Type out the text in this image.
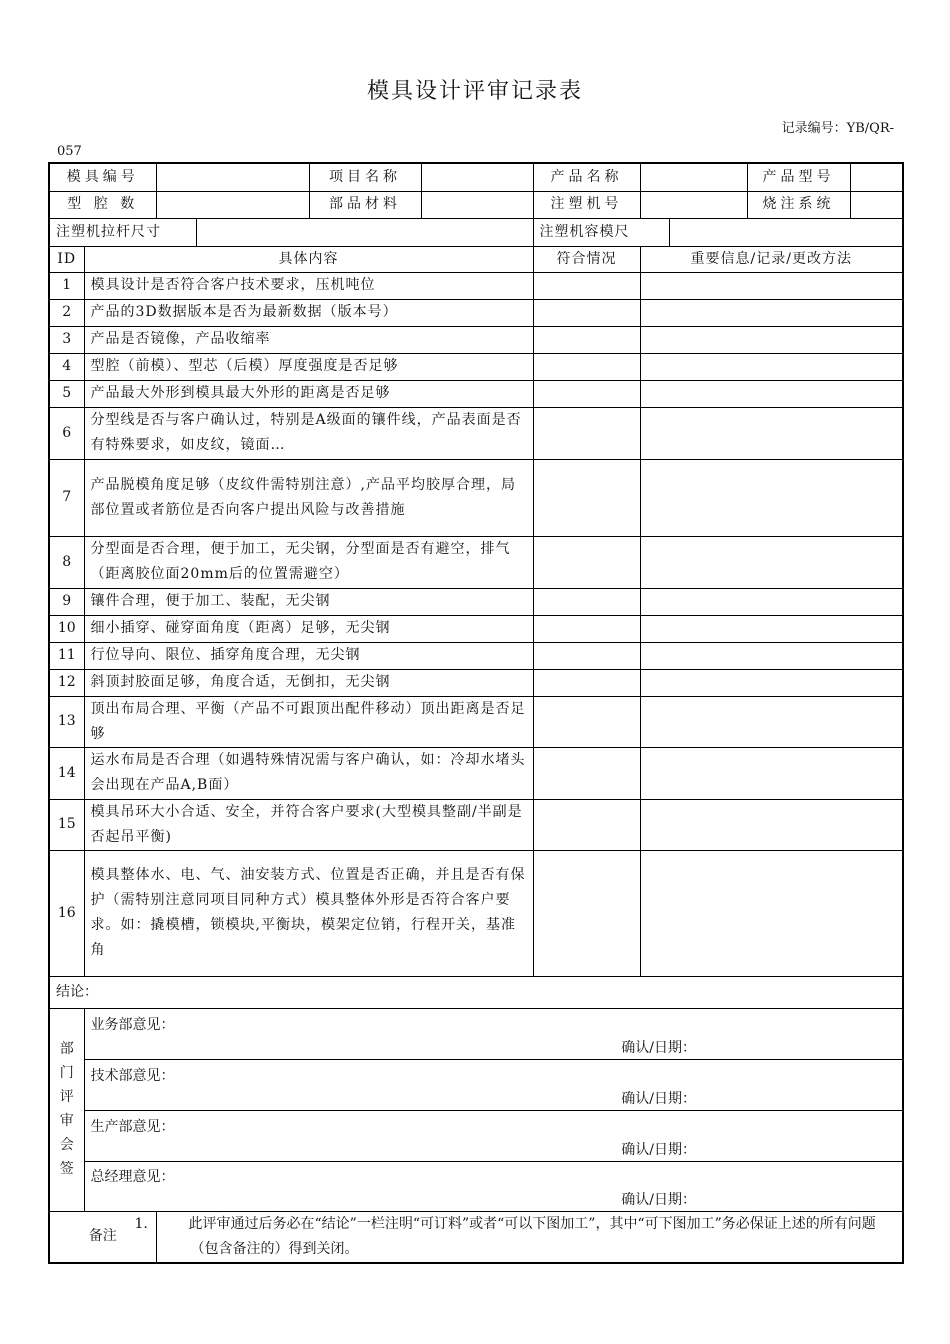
模具设计评审记录表
记录编号：YB/QR-
057
模具编号				项目名称		产品名称			产品型号	
型 腔 数				部品材料		注塑机号			烧注系统	
注塑机拉杆尺寸						注塑机容模尺				
ID	具体内容					符合情况	重要信息/记录/更改方法			
1	模具设计是否符合客户技术要求，压机吨位									
2	产品的3D数据版本是否为最新数据（版本号）									
3	产品是否镜像，产品收缩率									
4	型腔（前模）、型芯（后模）厚度强度是否足够									
5	产品最大外形到模具最大外形的距离是否足够									
6	分型线是否与客户确认过，特别是A级面的镶件线，产品表面是否有特殊要求，如皮纹，镜面…									
7	产品脱模角度足够（皮纹件需特别注意）,产品平均胶厚合理，局部位置或者筋位是否向客户提出风险与改善措施									
8	分型面是否合理，便于加工，无尖钢，分型面是否有避空，排气（距离胶位面20mm后的位置需避空）									
9	镶件合理，便于加工、装配，无尖钢									
10	细小插穿、碰穿面角度（距离）足够，无尖钢									
11	行位导向、限位、插穿角度合理，无尖钢									
12	斜顶封胶面足够，角度合适，无倒扣，无尖钢									
13	顶出布局合理、平衡（产品不可跟顶出配件移动）顶出距离是否足够									
14	运水布局是否合理（如遇特殊情况需与客户确认，如：冷却水堵头会出现在产品A,B面）									
15	模具吊环大小合适、安全，并符合客户要求(大型模具整副/半副是否起吊平衡)									
16	模具整体水、电、气、油安装方式、位置是否正确，并且是否有保护（需特别注意同项目同种方式）模具整体外形是否符合客户要求。如：撬模槽，锁模块,平衡块，模架定位销，行程开关，基准角									
结论：										
部门评审会签	业务部意见：
确认/日期：									

	技术部意见：
确认/日期：									

	生产部意见：
确认/日期：									

	总经理意见：
确认/日期：									

备注		1. 此评审通过后务必在“结论”一栏注明“可订料”或者“可以下图加工”，其中“可下图加工”务必保证上述的所有问题（包含备注的）得到关闭。								
